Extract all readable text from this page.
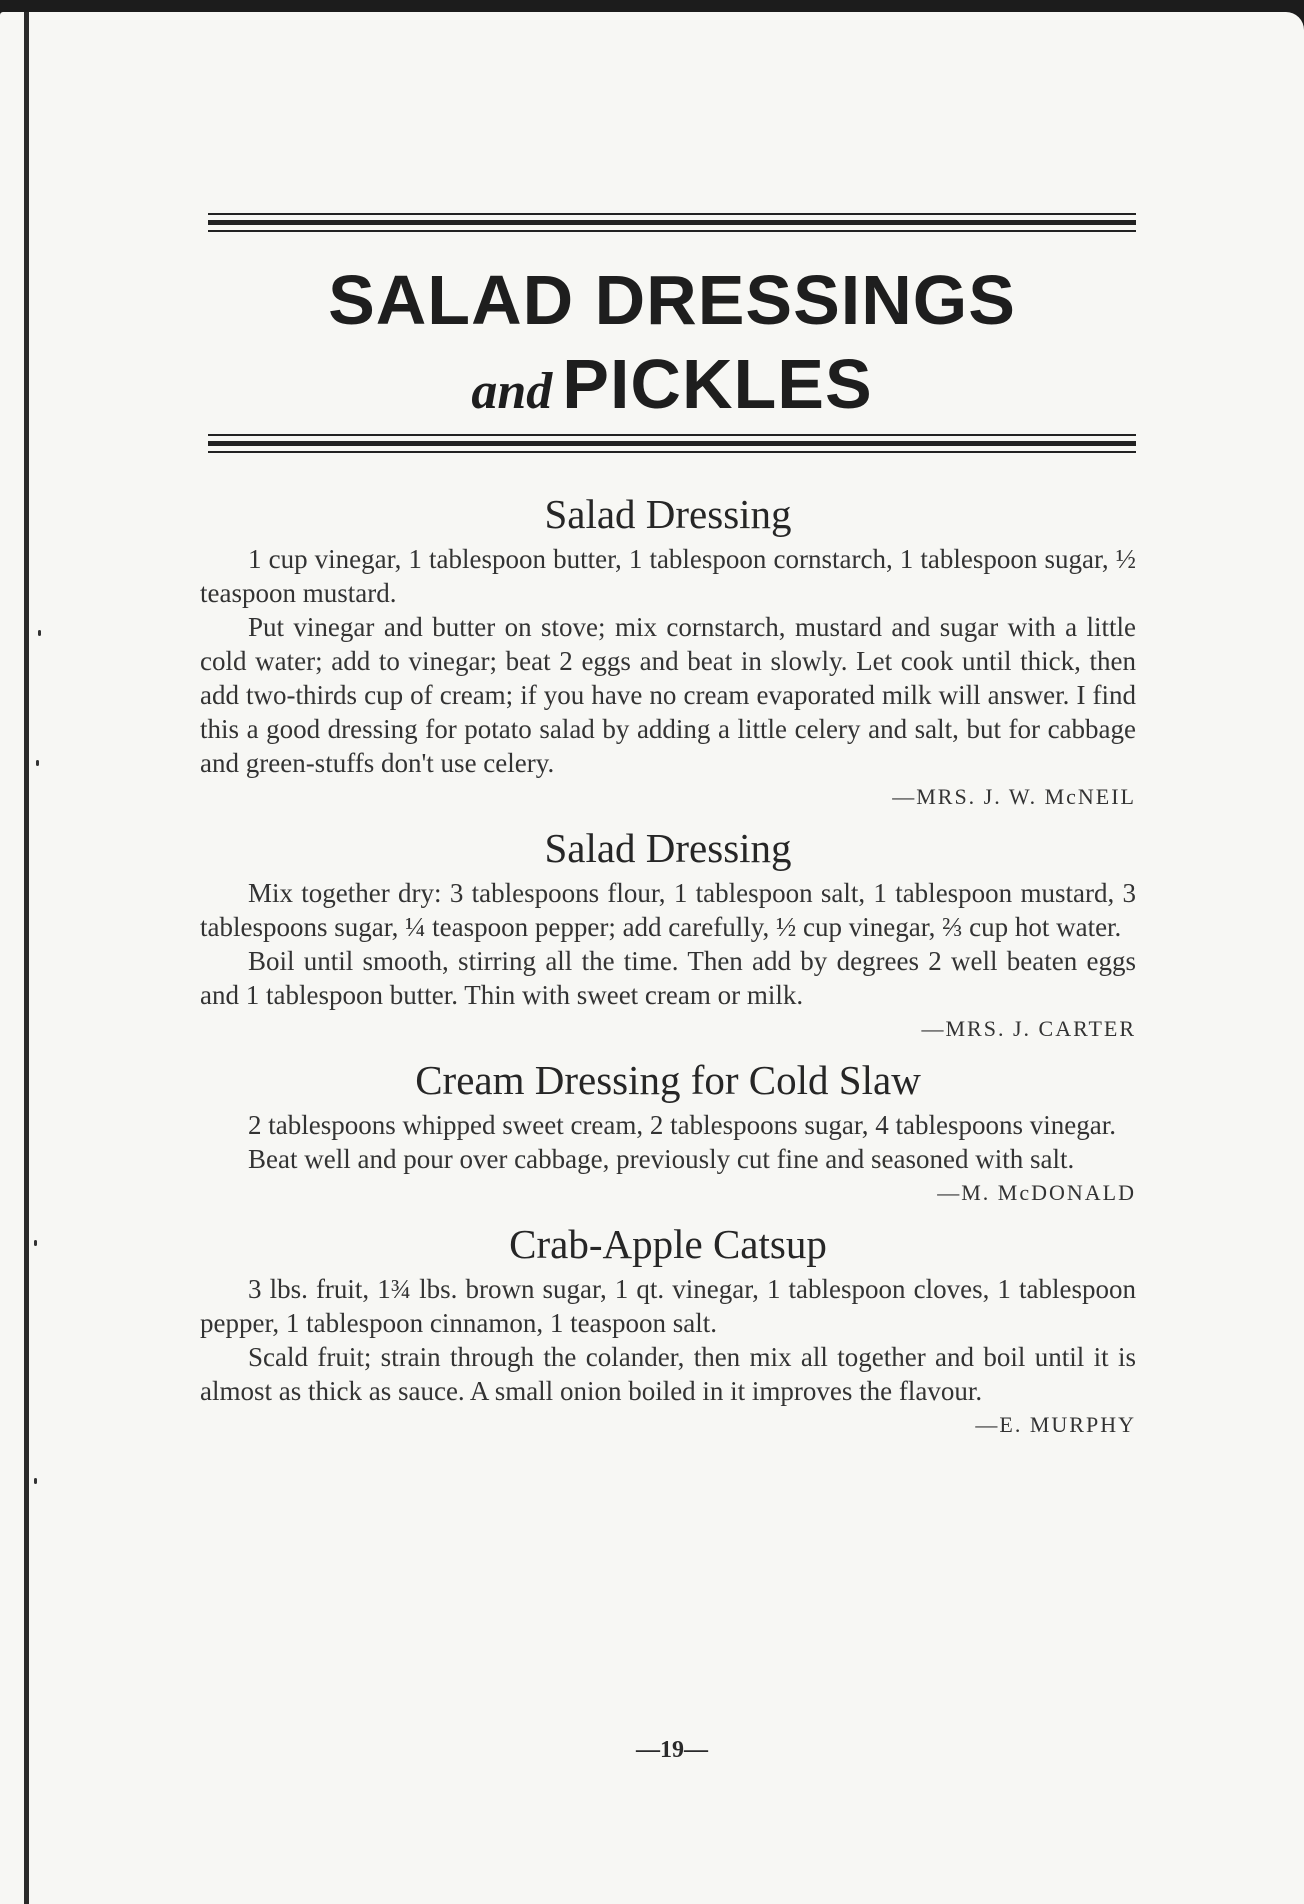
SALAD DRESSINGS
and PICKLES
Salad Dressing

1 cup vinegar, 1 tablespoon butter, 1 tablespoon cornstarch, 1 tablespoon sugar, ½ teaspoon mustard.

Put vinegar and butter on stove; mix cornstarch, mustard and sugar with a little cold water; add to vinegar; beat 2 eggs and beat in slowly. Let cook until thick, then add two-thirds cup of cream; if you have no cream evaporated milk will answer. I find this a good dressing for potato salad by adding a little celery and salt, but for cabbage and green-stuffs don't use celery.

—MRS. J. W. McNEIL

Salad Dressing

Mix together dry: 3 tablespoons flour, 1 tablespoon salt, 1 tablespoon mustard, 3 tablespoons sugar, ¼ teaspoon pepper; add carefully, ½ cup vinegar, ⅔ cup hot water.

Boil until smooth, stirring all the time. Then add by degrees 2 well beaten eggs and 1 tablespoon butter. Thin with sweet cream or milk.

—MRS. J. CARTER

Cream Dressing for Cold Slaw

2 tablespoons whipped sweet cream, 2 tablespoons sugar, 4 tablespoons vinegar.

Beat well and pour over cabbage, previously cut fine and seasoned with salt.

—M. McDONALD

Crab-Apple Catsup

3 lbs. fruit, 1¾ lbs. brown sugar, 1 qt. vinegar, 1 tablespoon cloves, 1 tablespoon pepper, 1 tablespoon cinnamon, 1 teaspoon salt.

Scald fruit; strain through the colander, then mix all together and boil until it is almost as thick as sauce. A small onion boiled in it improves the flavour.

—E. MURPHY

—19—
